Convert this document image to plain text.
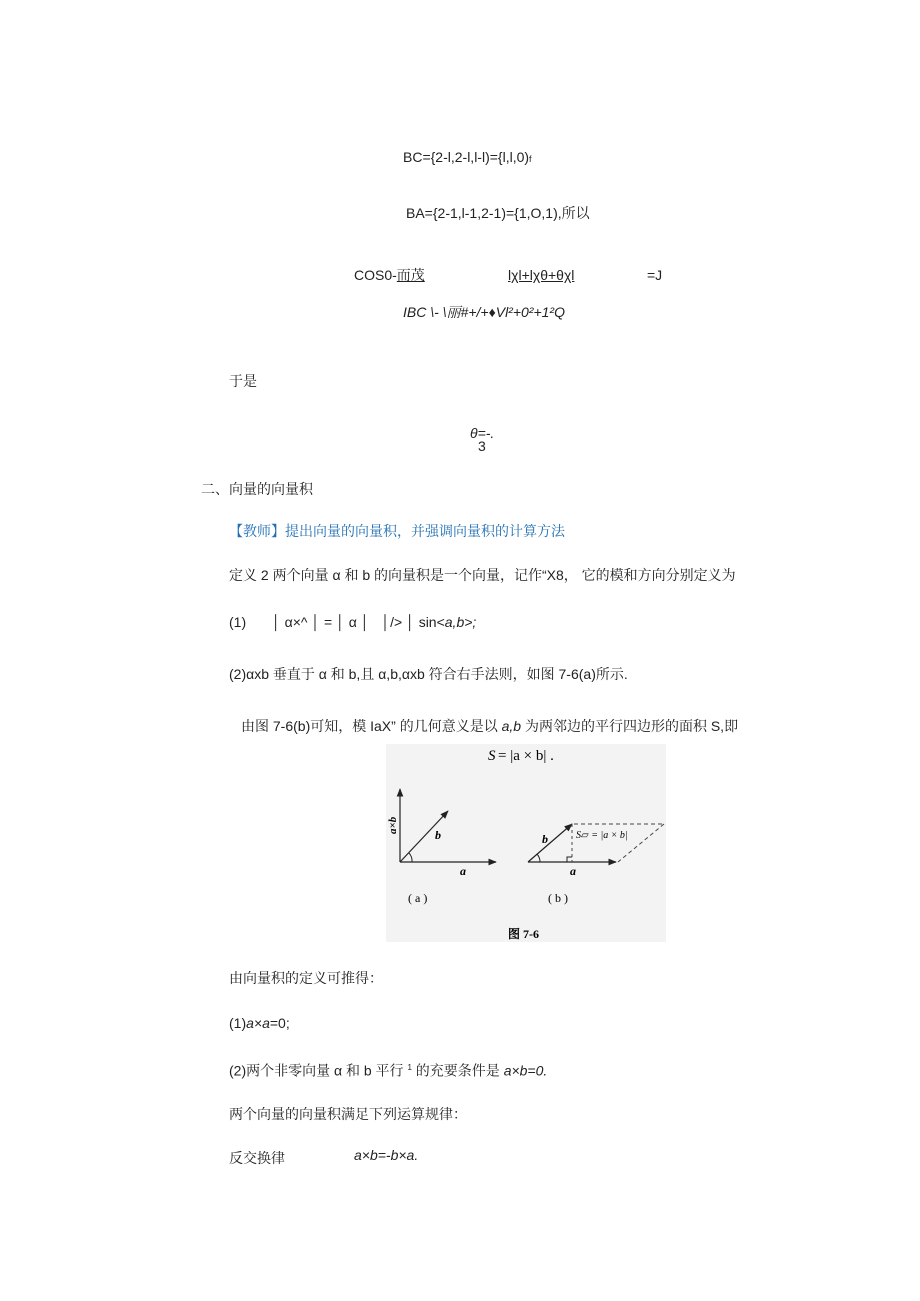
BC={2-l,2-l,l-l)={l,l,0)f
BA={2-1,l-1,2-1)={1,O,1),所以
COS0-而茂	lχl+lχθ+θχl	=J
IBC \- \丽#+/+♦Vl²+0²+1²Q
于是
θ=-.
3
二、向量的向量积
【教师】提出向量的向量积，并强调向量积的计算方法
定义 2 两个向量 α 和 b 的向量积是一个向量，记作“X8， 它的模和方向分别定义为
(1) │ α×^ │ = │ α │ │/> │ sin<a,b>;
(2)αxb 垂直于 α 和 b,且 α,b,αxb 符合右手法则，如图 7-6(a)所示.
由图 7-6(b)可知，模 IaX” 的几何意义是以 a,b 为两邻边的平行四边形的面积 S,即
S = |a × b| .
a×b
b
a
( a )
b	S▱ = |a × b|
a
( b )
图 7-6
由向量积的定义可推得：
(1)a×a=0;
(2)两个非零向量 α 和 b 平行 $^1$ 的充要条件是 a×b=0.
两个向量的向量积满足下列运算规律：
反交换律	a×b=-b×a.
